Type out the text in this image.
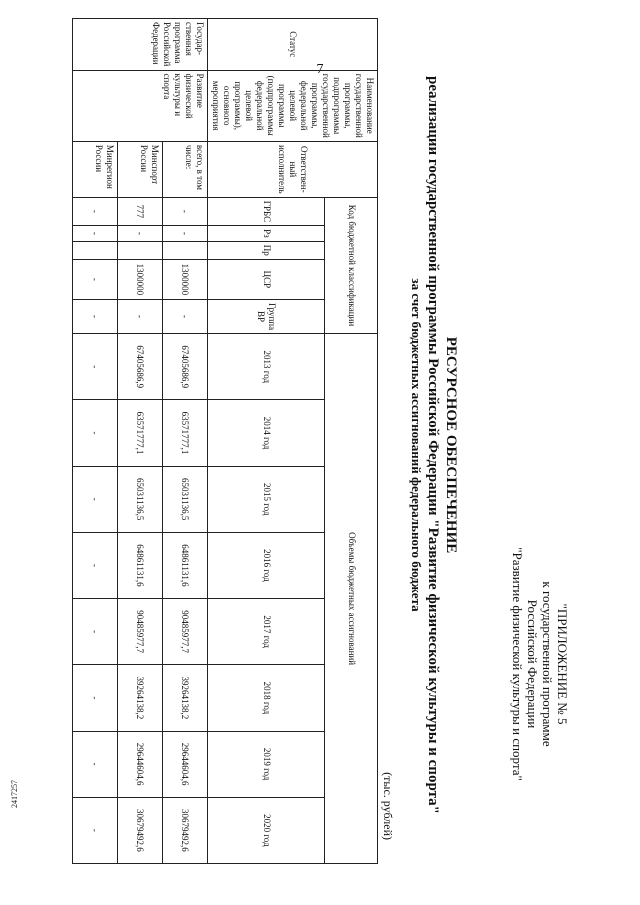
7
2417257
"ПРИЛОЖЕНИЕ № 5
к государственной программе
Российской Федерации
"Развитие физической культуры и спорта"
РЕСУРСНОЕ ОБЕСПЕЧЕНИЕ
реализации государственной программы Российской Федерации "Развитие физической культуры и спорта"
за счет бюджетных ассигнований федерального бюджета
(тыс. рублей)
Статус	Наименование государственной программы, подпрограммы государственной программы, федеральной целевой программы (подпрограммы федеральной целевой программы), основного мероприятия	Ответствен-ный исполнитель	Код бюджетной классификации					Объемы бюджетных ассигнований							
			ГРБС	Рз	Пр	ЦСР	Группа ВР	2013 год	2014 год	2015 год	2016 год	2017 год	2018 год	2019 год	2020 год
Государ-ственная программа Российской Федерации	Развитие физической культуры и спорта	всего, в том числе:	-	-		1300000	-	67405686,9	63571777,1	65031136,5	64861131,6	90485977,7	39264138,2	29644604,6	30679492,6
		Минспорт России	777	-		1300000	-	67405686,9	63571777,1	65031136,5	64861131,6	90485977,7	39264138,2	29644604,6	30679492,6
		Минрегион России	-	-		-	-	-	-	-	-	-	-	-	-
